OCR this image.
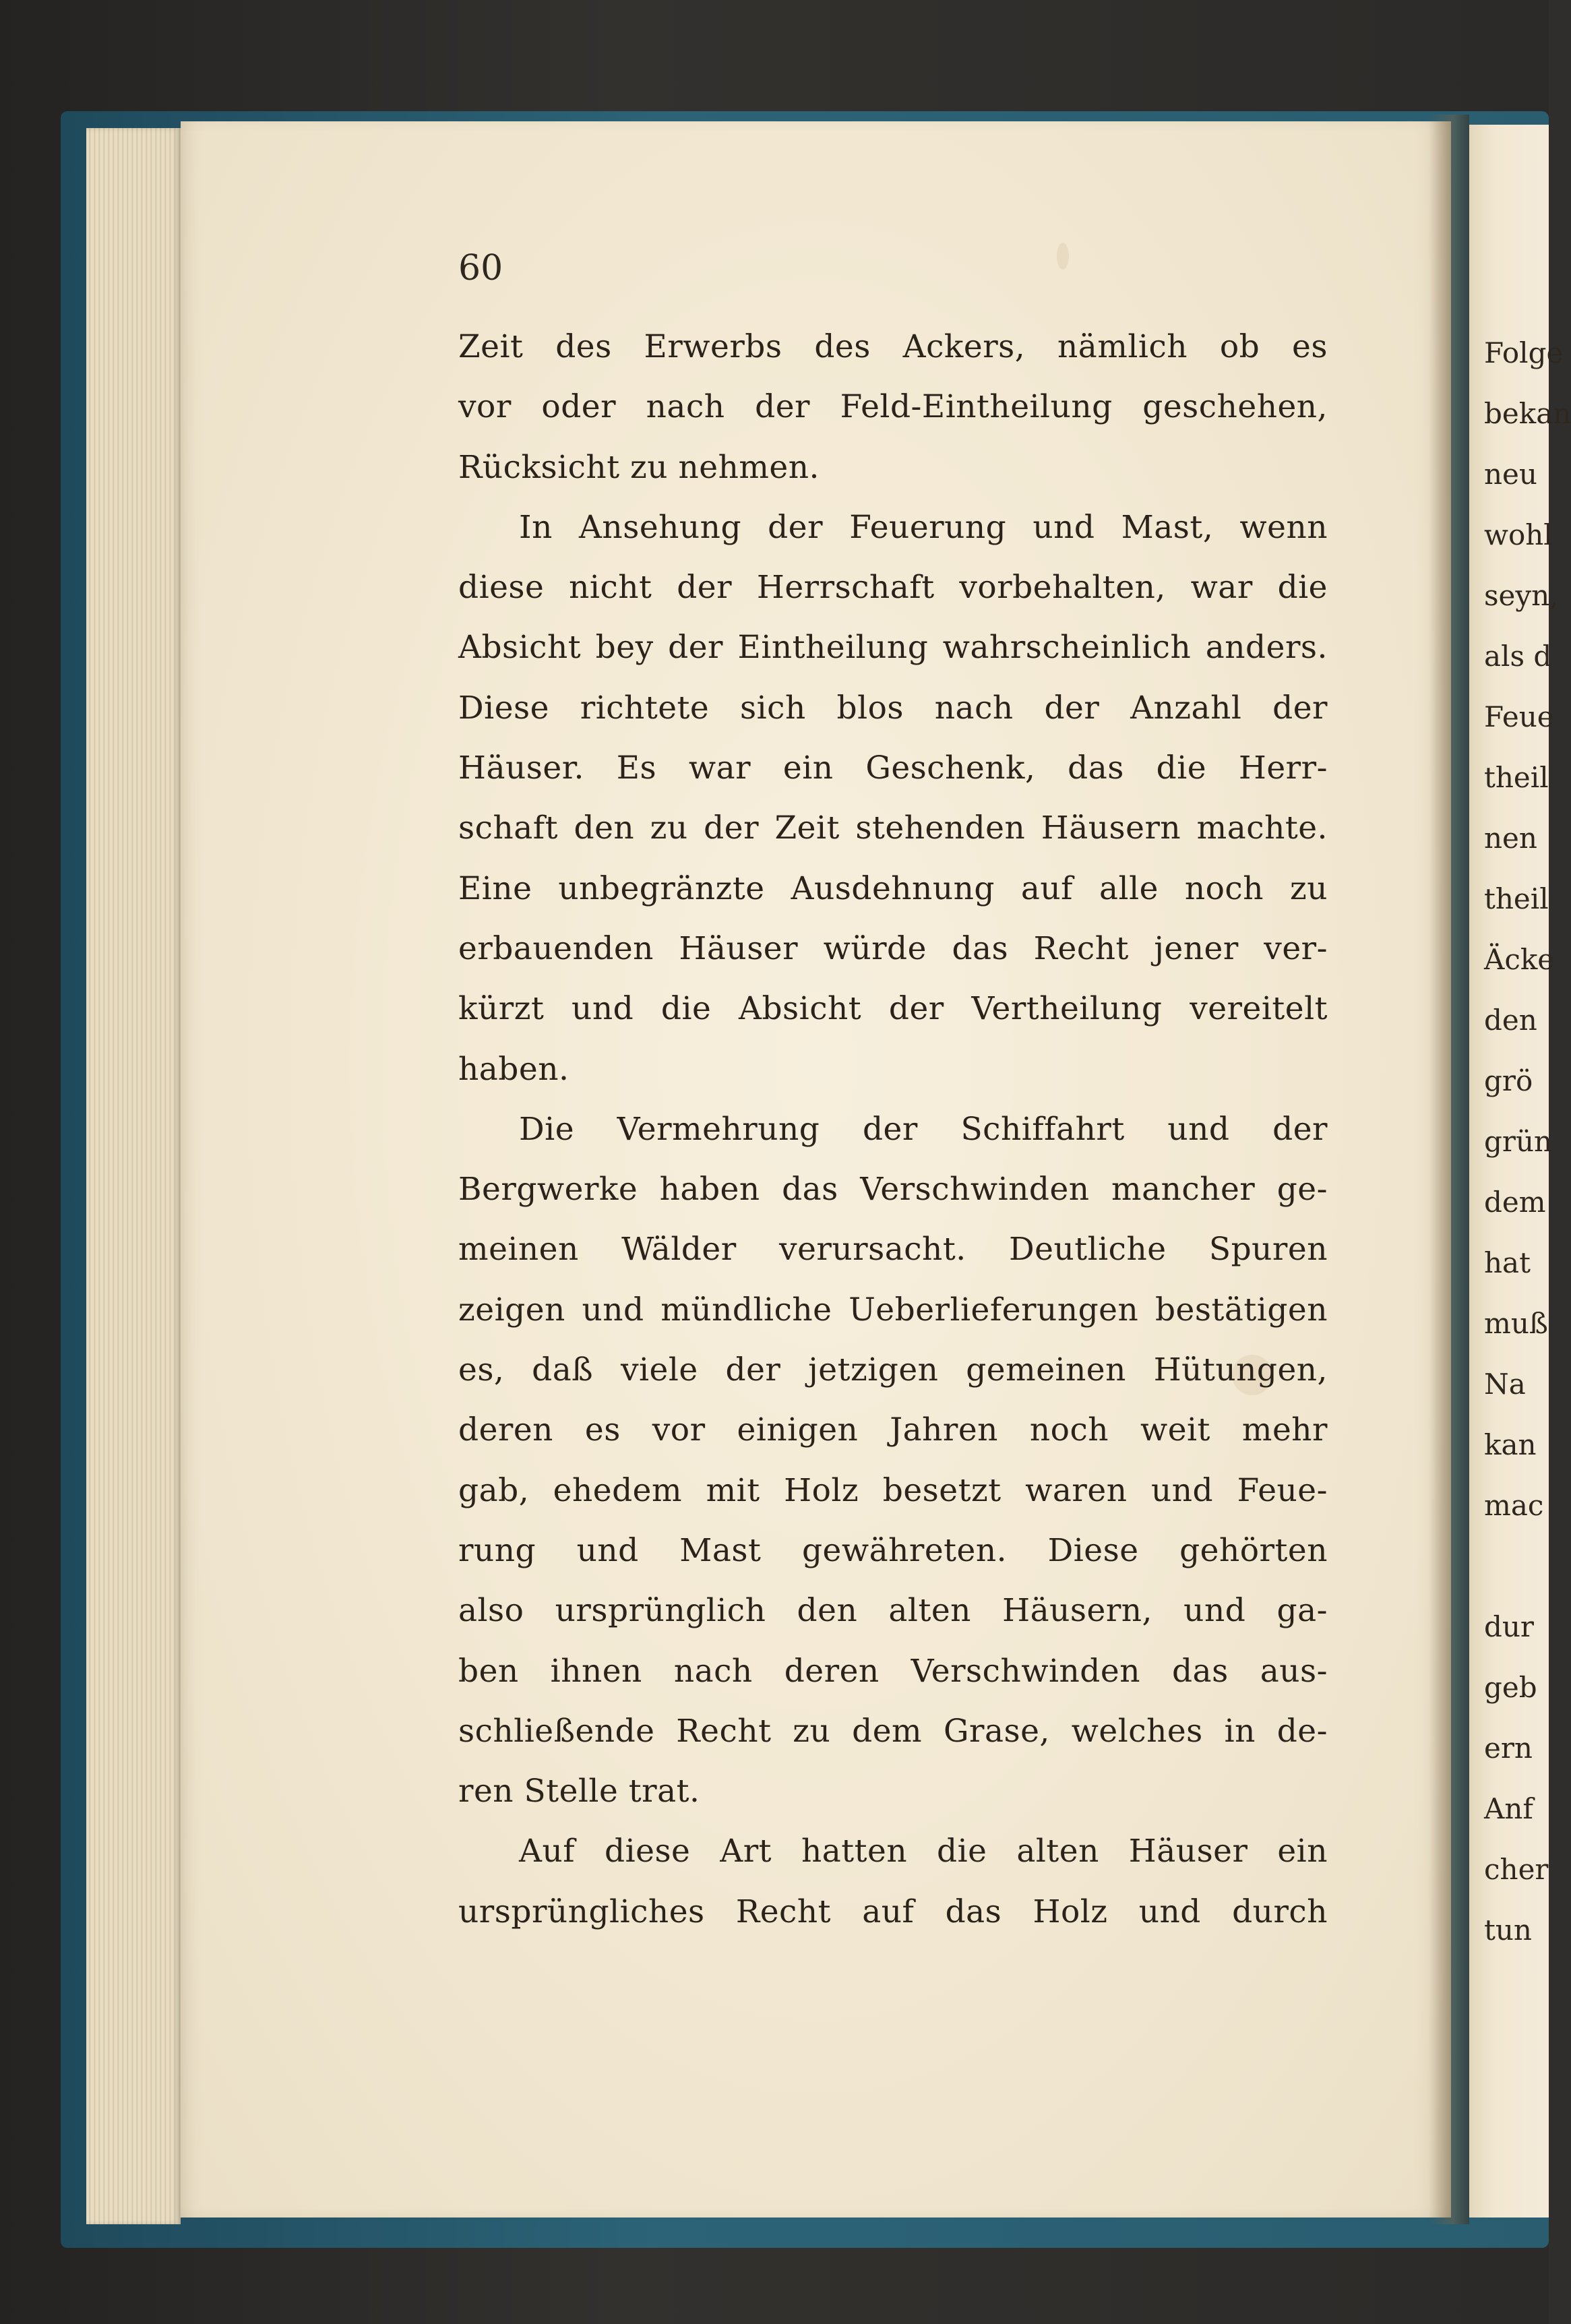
Folge
bekan
neu
wohl
seyn,
als d
Feue
theil
nen
theil
Äcke
den
grö
grün
dem
hat
muß
Na
kan
mac
dur
geb
ern
Anf
cher
tun
60
Zeit des Erwerbs des Ackers, nämlich ob es
vor oder nach der Feld-Eintheilung geschehen,
Rücksicht zu nehmen.
In Ansehung der Feuerung und Mast, wenn
diese nicht der Herrschaft vorbehalten, war die
Absicht bey der Eintheilung wahrscheinlich anders.
Diese richtete sich blos nach der Anzahl der
Häuser. Es war ein Geschenk, das die Herr-
schaft den zu der Zeit stehenden Häusern machte.
Eine unbegränzte Ausdehnung auf alle noch zu
erbauenden Häuser würde das Recht jener ver-
kürzt und die Absicht der Vertheilung vereitelt
haben.
Die Vermehrung der Schiffahrt und der
Bergwerke haben das Verschwinden mancher ge-
meinen Wälder verursacht. Deutliche Spuren
zeigen und mündliche Ueberlieferungen bestätigen
es, daß viele der jetzigen gemeinen Hütungen,
deren es vor einigen Jahren noch weit mehr
gab, ehedem mit Holz besetzt waren und Feue-
rung und Mast gewähreten. Diese gehörten
also ursprünglich den alten Häusern, und ga-
ben ihnen nach deren Verschwinden das aus-
schließende Recht zu dem Grase, welches in de-
ren Stelle trat.
Auf diese Art hatten die alten Häuser ein
ursprüngliches Recht auf das Holz und durch
